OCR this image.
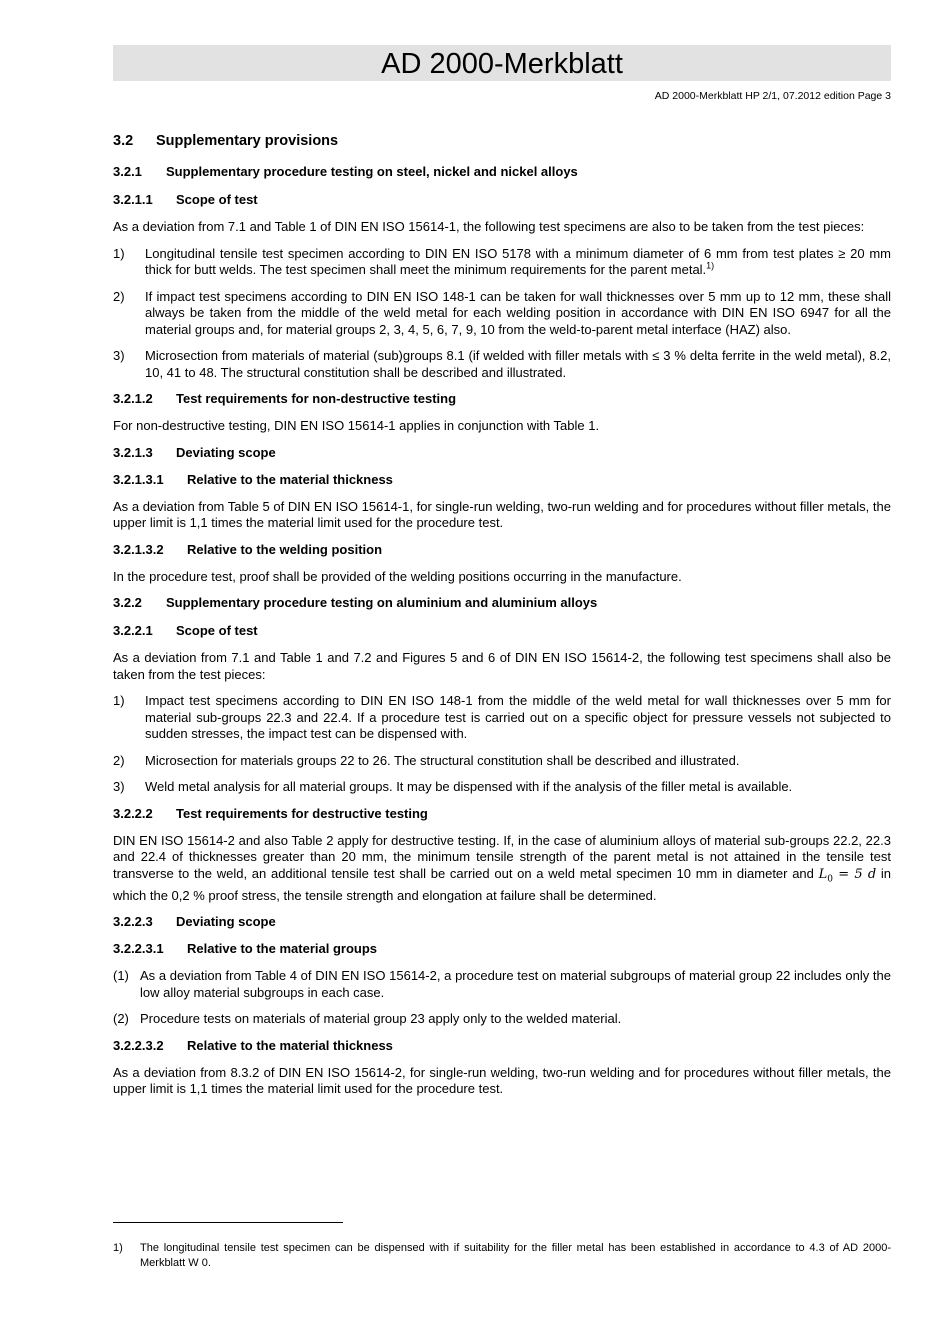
AD 2000-Merkblatt
AD 2000-Merkblatt HP 2/1, 07.2012 edition Page 3
3.2 Supplementary provisions
3.2.1 Supplementary procedure testing on steel, nickel and nickel alloys
3.2.1.1 Scope of test

As a deviation from 7.1 and Table 1 of DIN EN ISO 15614-1, the following test specimens are also to be taken from the test pieces:

1) Longitudinal tensile test specimen according to DIN EN ISO 5178 with a minimum diameter of 6 mm from test plates ≥ 20 mm thick for butt welds. The test specimen shall meet the minimum requirements for the parent metal.$^{1)}$
2) If impact test specimens according to DIN EN ISO 148-1 can be taken for wall thicknesses over 5 mm up to 12 mm, these shall always be taken from the middle of the weld metal for each welding position in accordance with DIN EN ISO 6947 for all the material groups and, for material groups 2, 3, 4, 5, 6, 7, 9, 10 from the weld-to-parent metal interface (HAZ) also.
3) Microsection from materials of material (sub)groups 8.1 (if welded with filler metals with ≤ 3 % delta ferrite in the weld metal), 8.2, 10, 41 to 48. The structural constitution shall be described and illustrated.
3.2.1.2 Test requirements for non-destructive testing

For non-destructive testing, DIN EN ISO 15614-1 applies in conjunction with Table 1.

3.2.1.3 Deviating scope
3.2.1.3.1 Relative to the material thickness

As a deviation from Table 5 of DIN EN ISO 15614-1, for single-run welding, two-run welding and for procedures without filler metals, the upper limit is 1,1 times the material limit used for the procedure test.

3.2.1.3.2 Relative to the welding position

In the procedure test, proof shall be provided of the welding positions occurring in the manufacture.

3.2.2 Supplementary procedure testing on aluminium and aluminium alloys
3.2.2.1 Scope of test

As a deviation from 7.1 and Table 1 and 7.2 and Figures 5 and 6 of DIN EN ISO 15614-2, the following test specimens shall also be taken from the test pieces:

1) Impact test specimens according to DIN EN ISO 148-1 from the middle of the weld metal for wall thicknesses over 5 mm for material sub-groups 22.3 and 22.4. If a procedure test is carried out on a specific object for pressure vessels not subjected to sudden stresses, the impact test can be dispensed with.
2) Microsection for materials groups 22 to 26. The structural constitution shall be described and illustrated.
3) Weld metal analysis for all material groups. It may be dispensed with if the analysis of the filler metal is available.
3.2.2.2 Test requirements for destructive testing

DIN EN ISO 15614-2 and also Table 2 apply for destructive testing. If, in the case of aluminium alloys of material sub-groups 22.2, 22.3 and 22.4 of thicknesses greater than 20 mm, the minimum tensile strength of the parent metal is not attained in the tensile test transverse to the weld, an additional tensile test shall be carried out on a weld metal specimen 10 mm in diameter and $L_0 = 5$ d in which the 0,2 % proof stress, the tensile strength and elongation at failure shall be determined.

3.2.2.3 Deviating scope
3.2.2.3.1 Relative to the material groups
(1) As a deviation from Table 4 of DIN EN ISO 15614-2, a procedure test on material subgroups of material group 22 includes only the low alloy material subgroups in each case.
(2) Procedure tests on materials of material group 23 apply only to the welded material.
3.2.2.3.2 Relative to the material thickness

As a deviation from 8.3.2 of DIN EN ISO 15614-2, for single-run welding, two-run welding and for procedures without filler metals, the upper limit is 1,1 times the material limit used for the procedure test.

1)	The longitudinal tensile test specimen can be dispensed with if suitability for the filler metal has been established in accordance to 4.3 of AD 2000-Merkblatt W 0.
